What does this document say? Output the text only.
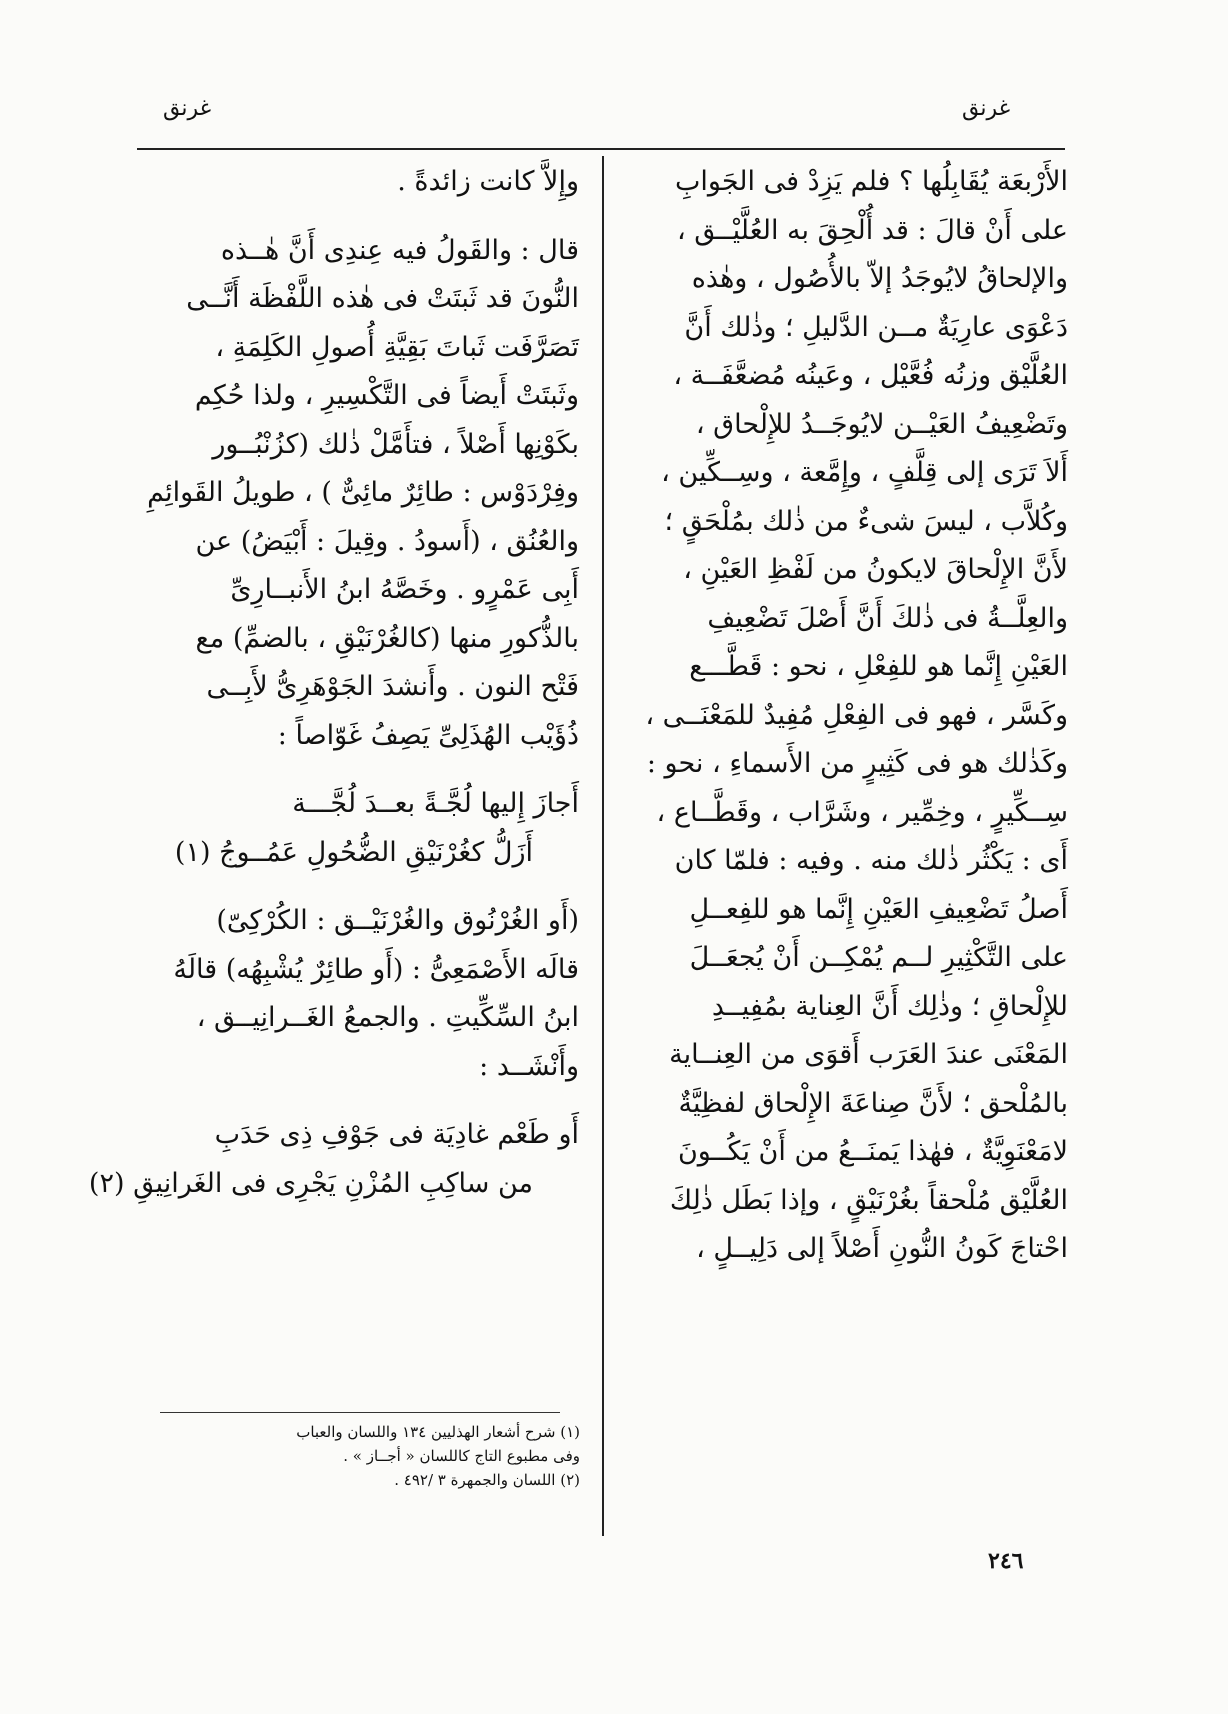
غرنق	غرنق
الأَرْبعَة يُقَابِلُها ؟ فلم يَزِدْ فى الجَوابِ
على أَنْ قالَ : قد أُلْحِقَ به العُلَّيْــق ،
والإلحاقُ لايُوجَدُ إلاّ بالأُصُول ، وهٰذه
دَعْوَى عارِيَةٌ مــن الدَّليلِ ؛ وذٰلك أَنَّ
العُلَّيْق وزنُه فُعَّيْل ، وعَينُه مُضعَّفَــة ،
وتَضْعِيفُ العَيْــن لايُوجَــدُ للإِلْحاق ،
أَلاَ تَرَى إلى قِلَّفٍ ، وإِمَّعة ، وسِــكِّين ،
وكُلاَّب ، ليسَ شىءٌ من ذٰلك بمُلْحَقٍ ؛
لأَنَّ الإِلْحاقَ لايكونُ من لَفْظِ العَيْنِ ،
والعِلَّــةُ فى ذٰلكَ أَنَّ أَصْلَ تَضْعِيفِ
العَيْنِ إِنَّما هو للفِعْلِ ، نحو : قَطَّـــع
وكَسَّر ، فهو فى الفِعْلِ مُفِيدٌ للمَعْنَــى ،
وكَذٰلك هو فى كَثِيرٍ من الأَسماءِ ، نحو :
سِــكِّيرٍ ، وخِمِّير ، وشَرَّاب ، وقَطَّــاع ،
أَى : يَكْثُر ذٰلك منه . وفيه : فلمّا كان
أَصلُ تَضْعِيفِ العَيْنِ إِنَّما هو للفِعــلِ
على التَّكْثِيرِ لــم يُمْكِــن أَنْ يُجعَــلَ
للإِلْحاقِ ؛ وذٰلِك أَنَّ العِناية بمُفِيــدِ
المَعْنَى عندَ العَرَب أَقوَى من العِنــاية
بالمُلْحق ؛ لأَنَّ صِناعَةَ الإِلْحاق لفظِيَّةٌ
لامَعْنَوِيَّةٌ ، فهٰذا يَمنَــعُ من أَنْ يَكُــونَ
العُلَّيْق مُلْحقاً بغُرْنَيْقٍ ، وإذا بَطَل ذٰلِكَ
احْتاجَ كَونُ النُّونِ أَصْلاً إلى دَلِيــلٍ ،
وإِلاَّ كانت زائدةً .
قال : والقَولُ فيه عِندِى أَنَّ هٰــذه
النُّونَ قد ثَبتَتْ فى هٰذه اللَّفْظَة أَنَّــى
تَصَرَّفَت ثَباتَ بَقِيَّةِ أُصولِ الكَلِمَةِ ،
وثَبتَتْ أَيضاً فى التَّكْسِيرِ ، ولذا حُكِم
بكَوْنِها أَصْلاً ، فتأَمَّلْ ذٰلك (كزُنْبُــور
وفِرْدَوْس : طائِرٌ مائِىٌّ ) ، طويلُ القَوائِمِ
والعُنُق ، (أَسودُ . وقِيلَ : أَبْيَضُ) عن
أَبِى عَمْرٍو . وخَصَّهُ ابنُ الأَنبــارِىِّ
بالذُّكورِ منها (كالغُرْنَيْقِ ، بالضمِّ) مع
فَتْح النون . وأَنشدَ الجَوْهَرِىُّ لأَبِــى
ذُؤَيْب الهُذَلِىِّ يَصِفُ غَوّاصاً :
أَجازَ إِليها لُجَّـةً بعــدَ لُجَّـــة
أَزَلُّ كغُرْنَيْقِ الضُّحُولِ عَمُــوجُ (١)
(أَو الغُرْنُوق والغُرْنَيْــق : الكُرْكِىّ)
قالَه الأَصْمَعِىُّ : (أَو طائِرٌ يُشْبِهُه) قالَهُ
ابنُ السِّكِّيتِ . والجمعُ الغَــرانِيــق ،
وأَنْشَــد :
أَو طَعْم غادِيَة فى جَوْفِ ذِى حَدَبِ
من ساكِبِ المُزْنِ يَجْرِى فى الغَرانِيقِ (٢)
(١) شرح أشعار الهذليين ١٣٤ واللسان والعباب
وفى مطبوع التاج كاللسان « أجــاز » .
(٢) اللسان والجمهرة ٣ /٤٩٢ .
٢٤٦
